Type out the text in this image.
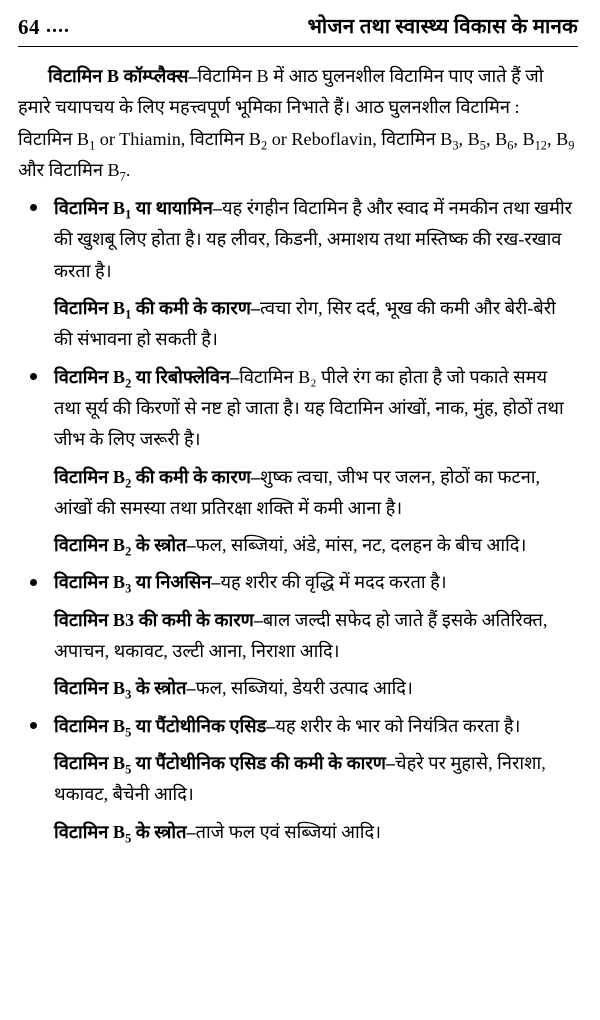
64 ....	भोजन तथा स्वास्थ्य विकास के मानक

विटामिन B कॉम्प्लैक्स–विटामिन B में आठ घुलनशील विटामिन पाए जाते हैं जो हमारे चयापचय के लिए महत्त्वपूर्ण भूमिका निभाते हैं। आठ घुलनशील विटामिन : विटामिन $B_1$ or Thiamin, विटामिन $B_2$ or Reboflavin, विटामिन $B_3$, $B_5$, $B_6$, $B_{12}$, $B_9$ और विटामिन $B_7$.

विटामिन $B_1$ या थायामिन–यह रंगहीन विटामिन है और स्वाद में नमकीन तथा खमीर की खुशबू लिए होता है। यह लीवर, किडनी, अमाशय तथा मस्तिष्क की रख-रखाव करता है।
विटामिन $B_1$ की कमी के कारण–त्वचा रोग, सिर दर्द, भूख की कमी और बेरी-बेरी की संभावना हो सकती है।
विटामिन $B_2$ या रिबोफ्लेविन–विटामिन B₂ पीले रंग का होता है जो पकाते समय तथा सूर्य की किरणों से नष्ट हो जाता है। यह विटामिन आंखों, नाक, मुंह, होठों तथा जीभ के लिए जरूरी है।
विटामिन $B_2$ की कमी के कारण–शुष्क त्वचा, जीभ पर जलन, होठों का फटना, आंखों की समस्या तथा प्रतिरक्षा शक्ति में कमी आना है।
विटामिन $B_2$ के स्त्रोत–फल, सब्जियां, अंडे, मांस, नट, दलहन के बीच आदि।
विटामिन $B_3$ या निअसिन–यह शरीर की वृद्धि में मदद करता है।
विटामिन B3 की कमी के कारण–बाल जल्दी सफेद हो जाते हैं इसके अतिरिक्त, अपाचन, थकावट, उल्टी आना, निराशा आदि।
विटामिन $B_3$ के स्त्रोत–फल, सब्जियां, डेयरी उत्पाद आदि।
विटामिन $B_5$ या पैंटोथीनिक एसिड–यह शरीर के भार को नियंत्रित करता है।
विटामिन $B_5$ या पैंटोथीनिक एसिड की कमी के कारण–चेहरे पर मुहासे, निराशा, थकावट, बैचेनी आदि।
विटामिन $B_5$ के स्त्रोत–ताजे फल एवं सब्जियां आदि।
